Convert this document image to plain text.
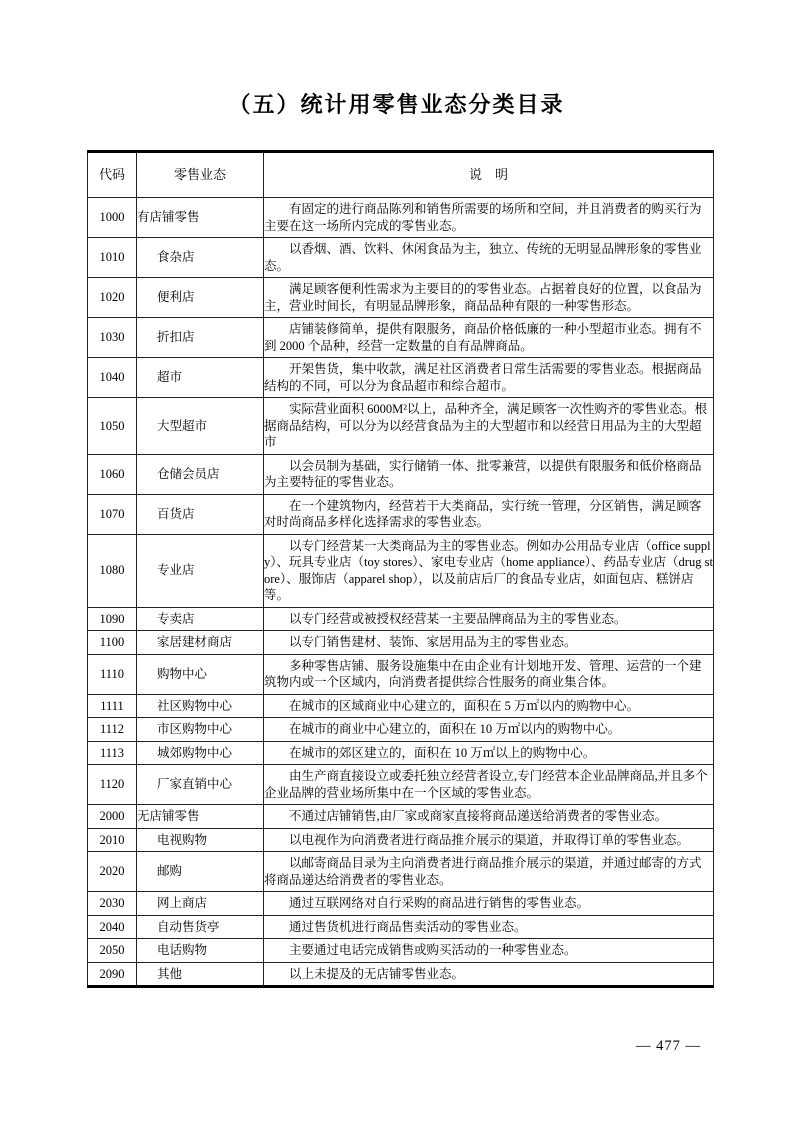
（五）统计用零售业态分类目录
代码	零售业态	说　明
1000	有店铺零售	有固定的进行商品陈列和销售所需要的场所和空间，并且消费者的购买行为主要在这一场所内完成的零售业态。

1010	食杂店	以香烟、酒、饮料、休闲食品为主，独立、传统的无明显品牌形象的零售业态。

1020	便利店	满足顾客便利性需求为主要目的的零售业态。占据着良好的位置，以食品为主，营业时间长，有明显品牌形象，商品品种有限的一种零售形态。

1030	折扣店	店铺装修简单，提供有限服务，商品价格低廉的一种小型超市业态。拥有不到 2000 个品种，经营一定数量的自有品牌商品。

1040	超市	开架售货，集中收款，满足社区消费者日常生活需要的零售业态。根据商品结构的不同，可以分为食品超市和综合超市。

1050	大型超市	实际营业面积 6000M²以上，品种齐全，满足顾客一次性购齐的零售业态。根据商品结构，可以分为以经营食品为主的大型超市和以经营日用品为主的大型超市

1060	仓储会员店	以会员制为基础，实行储销一体、批零兼营，以提供有限服务和低价格商品为主要特征的零售业态。

1070	百货店	在一个建筑物内，经营若干大类商品，实行统一管理，分区销售，满足顾客对时尚商品多样化选择需求的零售业态。

1080	专业店	以专门经营某一大类商品为主的零售业态。例如办公用品专业店（office supply）、玩具专业店（toy stores）、家电专业店（home appliance）、药品专业店（drug store）、服饰店（apparel shop），以及前店后厂的食品专业店，如面包店、糕饼店等。

1090	专卖店	以专门经营或被授权经营某一主要品牌商品为主的零售业态。

1100	家居建材商店	以专门销售建材、装饰、家居用品为主的零售业态。

1110	购物中心	多种零售店铺、服务设施集中在由企业有计划地开发、管理、运营的一个建筑物内或一个区域内，向消费者提供综合性服务的商业集合体。

1111	社区购物中心	在城市的区域商业中心建立的，面积在 5 万㎡以内的购物中心。

1112	市区购物中心	在城市的商业中心建立的，面积在 10 万㎡以内的购物中心。

1113	城郊购物中心	在城市的郊区建立的，面积在 10 万㎡以上的购物中心。

1120	厂家直销中心	由生产商直接设立或委托独立经营者设立,专门经营本企业品牌商品,并且多个企业品牌的营业场所集中在一个区域的零售业态。

2000	无店铺零售	不通过店铺销售,由厂家或商家直接将商品递送给消费者的零售业态。

2010	电视购物	以电视作为向消费者进行商品推介展示的渠道，并取得订单的零售业态。

2020	邮购	以邮寄商品目录为主向消费者进行商品推介展示的渠道，并通过邮寄的方式将商品递达给消费者的零售业态。

2030	网上商店	通过互联网络对自行采购的商品进行销售的零售业态。

2040	自动售货亭	通过售货机进行商品售卖活动的零售业态。

2050	电话购物	主要通过电话完成销售或购买活动的一种零售业态。

2090	其他	以上未提及的无店铺零售业态。

— 477 —
